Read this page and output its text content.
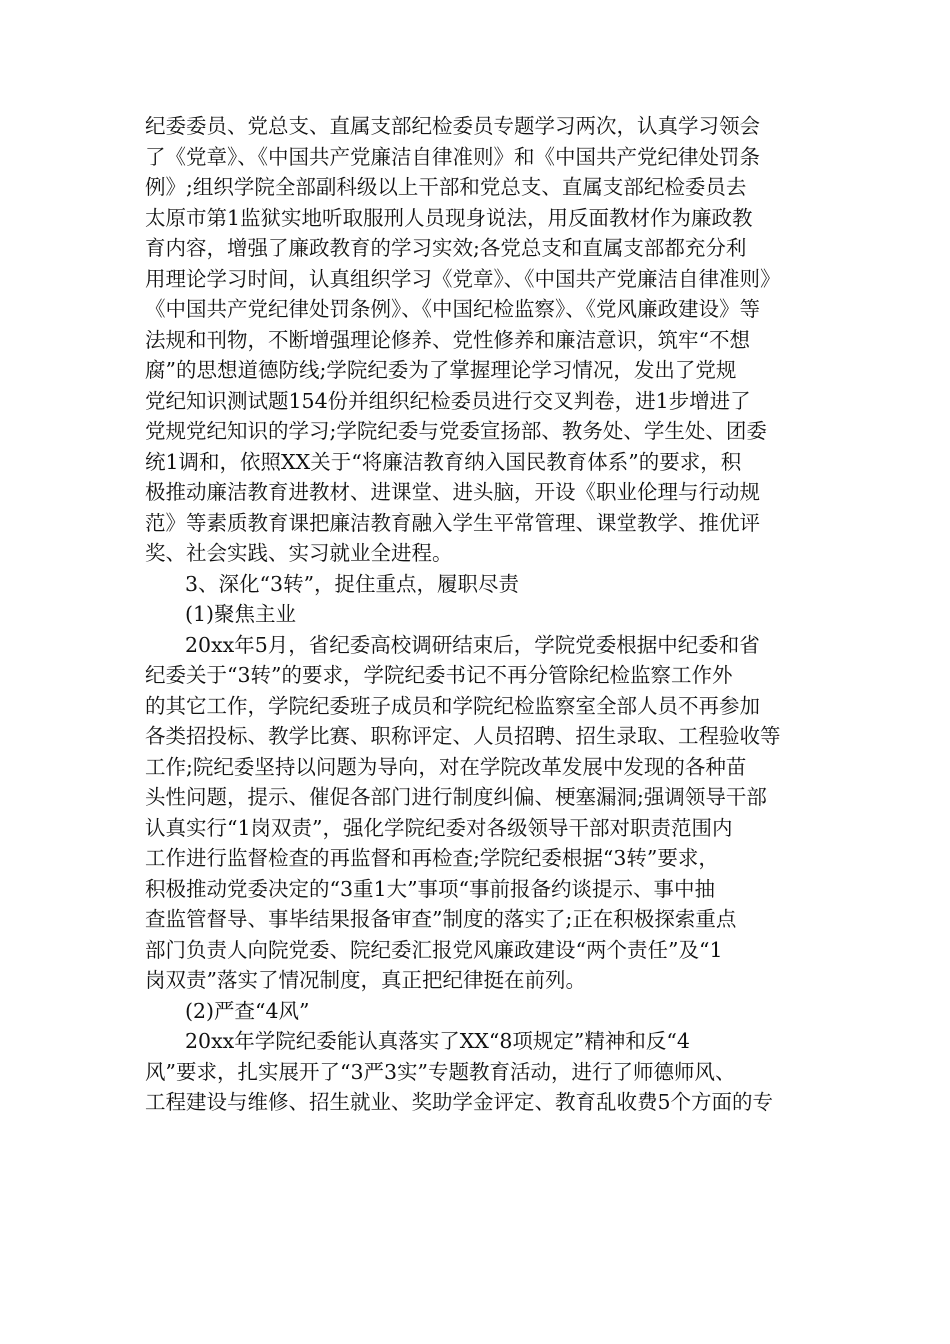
纪委委员、党总支、直属支部纪检委员专题学习两次，认真学习领会
了《党章》、《中国共产党廉洁自律准则》和《中国共产党纪律处罚条
例》;组织学院全部副科级以上干部和党总支、直属支部纪检委员去
太原市第1监狱实地听取服刑人员现身说法，用反面教材作为廉政教
育内容，增强了廉政教育的学习实效;各党总支和直属支部都充分利
用理论学习时间，认真组织学习《党章》、《中国共产党廉洁自律准则》
《中国共产党纪律处罚条例》、《中国纪检监察》、《党风廉政建设》等
法规和刊物，不断增强理论修养、党性修养和廉洁意识，筑牢“不想
腐”的思想道德防线;学院纪委为了掌握理论学习情况，发出了党规
党纪知识测试题154份并组织纪检委员进行交叉判卷，进1步增进了
党规党纪知识的学习;学院纪委与党委宣扬部、教务处、学生处、团委
统1调和，依照XX关于“将廉洁教育纳入国民教育体系”的要求，积
极推动廉洁教育进教材、进课堂、进头脑，开设《职业伦理与行动规
范》等素质教育课把廉洁教育融入学生平常管理、课堂教学、推优评
奖、社会实践、实习就业全进程。
3、深化“3转”，捉住重点，履职尽责
(1)聚焦主业
20xx年5月，省纪委高校调研结束后，学院党委根据中纪委和省
纪委关于“3转”的要求，学院纪委书记不再分管除纪检监察工作外
的其它工作，学院纪委班子成员和学院纪检监察室全部人员不再参加
各类招投标、教学比赛、职称评定、人员招聘、招生录取、工程验收等
工作;院纪委坚持以问题为导向，对在学院改革发展中发现的各种苗
头性问题，提示、催促各部门进行制度纠偏、梗塞漏洞;强调领导干部
认真实行“1岗双责”，强化学院纪委对各级领导干部对职责范围内
工作进行监督检查的再监督和再检查;学院纪委根据“3转”要求，
积极推动党委决定的“3重1大”事项“事前报备约谈提示、事中抽
查监管督导、事毕结果报备审查”制度的落实了;正在积极探索重点
部门负责人向院党委、院纪委汇报党风廉政建设“两个责任”及“1
岗双责”落实了情况制度，真正把纪律挺在前列。
(2)严查“4风”
20xx年学院纪委能认真落实了XX“8项规定”精神和反“4
风”要求，扎实展开了“3严3实”专题教育活动，进行了师德师风、
工程建设与维修、招生就业、奖助学金评定、教育乱收费5个方面的专
